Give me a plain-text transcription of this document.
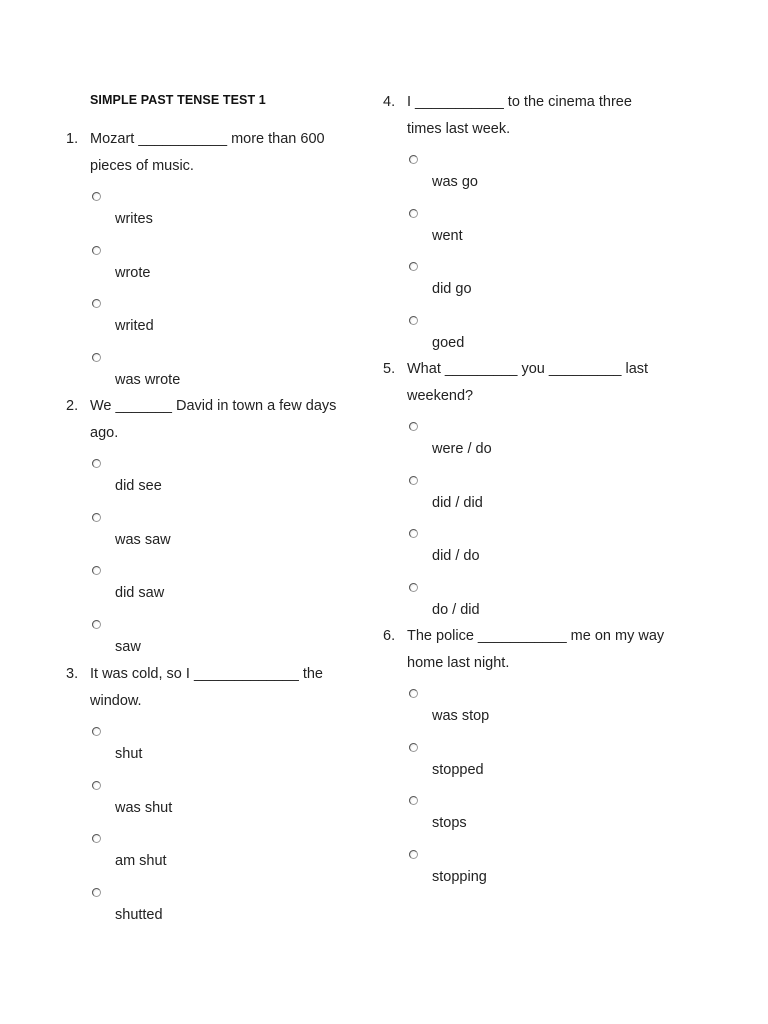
SIMPLE PAST TENSE TEST 1
1. Mozart ___________ more than 600
pieces of music.
writes
wrote
writed
was wrote
2. We _______ David in town a few days
ago.
did see
was saw
did saw
saw
3. It was cold, so I _____________ the
window.
shut
was shut
am shut
shutted
4. I ___________ to the cinema three
times last week.
was go
went
did go
goed
5. What _________ you _________ last
weekend?
were / do
did / did
did / do
do / did
6. The police ___________ me on my way
home last night.
was stop
stopped
stops
stopping
